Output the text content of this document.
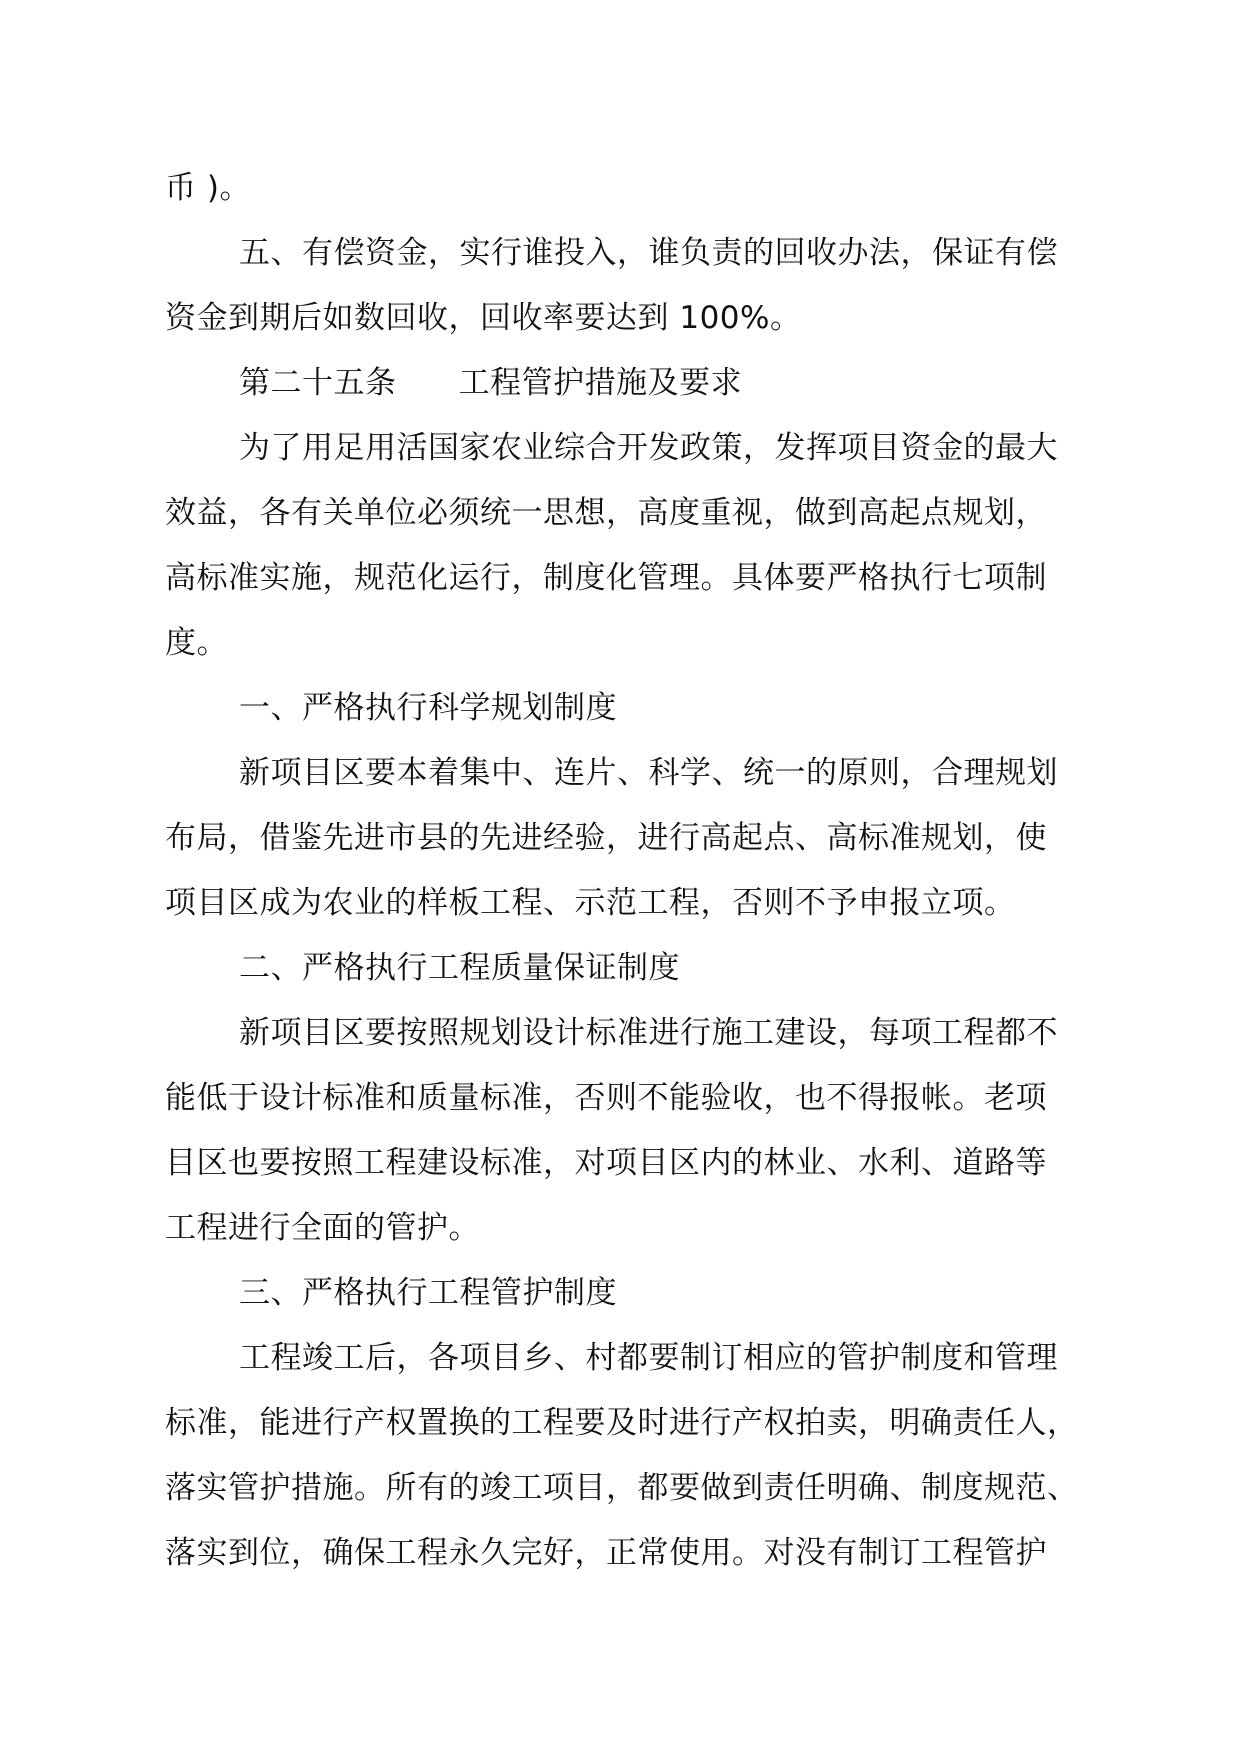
币 )。
五、有偿资金，实行谁投入，谁负责的回收办法，保证有偿
资金到期后如数回收，回收率要达到 100%。
第二十五条      工程管护措施及要求
为了用足用活国家农业综合开发政策，发挥项目资金的最大
效益，各有关单位必须统一思想，高度重视，做到高起点规划，
高标准实施，规范化运行，制度化管理。具体要严格执行七项制
度。
一、严格执行科学规划制度
新项目区要本着集中、连片、科学、统一的原则，合理规划
布局，借鉴先进市县的先进经验，进行高起点、高标准规划，使
项目区成为农业的样板工程、示范工程，否则不予申报立项。
二、严格执行工程质量保证制度
新项目区要按照规划设计标准进行施工建设，每项工程都不
能低于设计标准和质量标准，否则不能验收，也不得报帐。老项
目区也要按照工程建设标准，对项目区内的林业、水利、道路等
工程进行全面的管护。
三、严格执行工程管护制度
工程竣工后，各项目乡、村都要制订相应的管护制度和管理
标准，能进行产权置换的工程要及时进行产权拍卖，明确责任人，
落实管护措施。所有的竣工项目，都要做到责任明确、制度规范、
落实到位，确保工程永久完好，正常使用。对没有制订工程管护
